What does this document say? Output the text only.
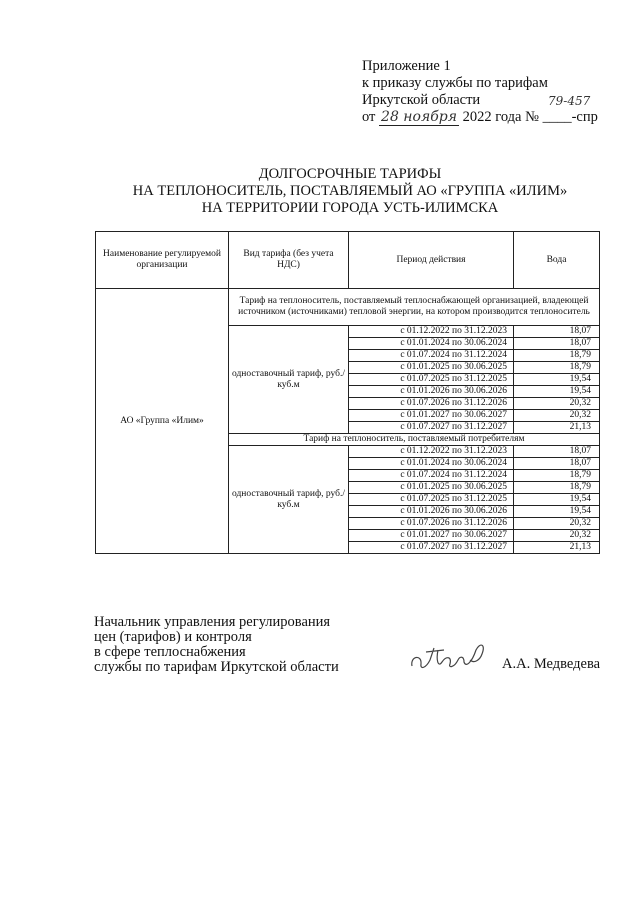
Приложение 1
к приказу службы по тарифам
Иркутской области	79-457
от 28 ноября 2022 года № ____-спр
ДОЛГОСРОЧНЫЕ ТАРИФЫ
НА ТЕПЛОНОСИТЕЛЬ, ПОСТАВЛЯЕМЫЙ АО «ГРУППА «ИЛИМ»
НА ТЕРРИТОРИИ ГОРОДА УСТЬ-ИЛИМСКА
Наименование регулируемой организации	Вид тарифа (без учета НДС)	Период действия	Вода
АО «Группа «Илим»	Тариф на теплоноситель, поставляемый теплоснабжающей организацией, владеющей источником (источниками) тепловой энергии, на котором производится теплоноситель		
	одноставочный тариф, руб./куб.м	с 01.12.2022 по 31.12.2023	18,07
		с 01.01.2024 по 30.06.2024	18,07
		с 01.07.2024 по 31.12.2024	18,79
		с 01.01.2025 по 30.06.2025	18,79
		с 01.07.2025 по 31.12.2025	19,54
		с 01.01.2026 по 30.06.2026	19,54
		с 01.07.2026 по 31.12.2026	20,32
		с 01.01.2027 по 30.06.2027	20,32
		с 01.07.2027 по 31.12.2027	21,13
	Тариф на теплоноситель, поставляемый потребителям		
	одноставочный тариф, руб./куб.м	с 01.12.2022 по 31.12.2023	18,07
		с 01.01.2024 по 30.06.2024	18,07
		с 01.07.2024 по 31.12.2024	18,79
		с 01.01.2025 по 30.06.2025	18,79
		с 01.07.2025 по 31.12.2025	19,54
		с 01.01.2026 по 30.06.2026	19,54
		с 01.07.2026 по 31.12.2026	20,32
		с 01.01.2027 по 30.06.2027	20,32
		с 01.07.2027 по 31.12.2027	21,13
Начальник управления регулирования
цен (тарифов) и контроля
в сфере теплоснабжения
службы по тарифам Иркутской области	А.А. Медведева
